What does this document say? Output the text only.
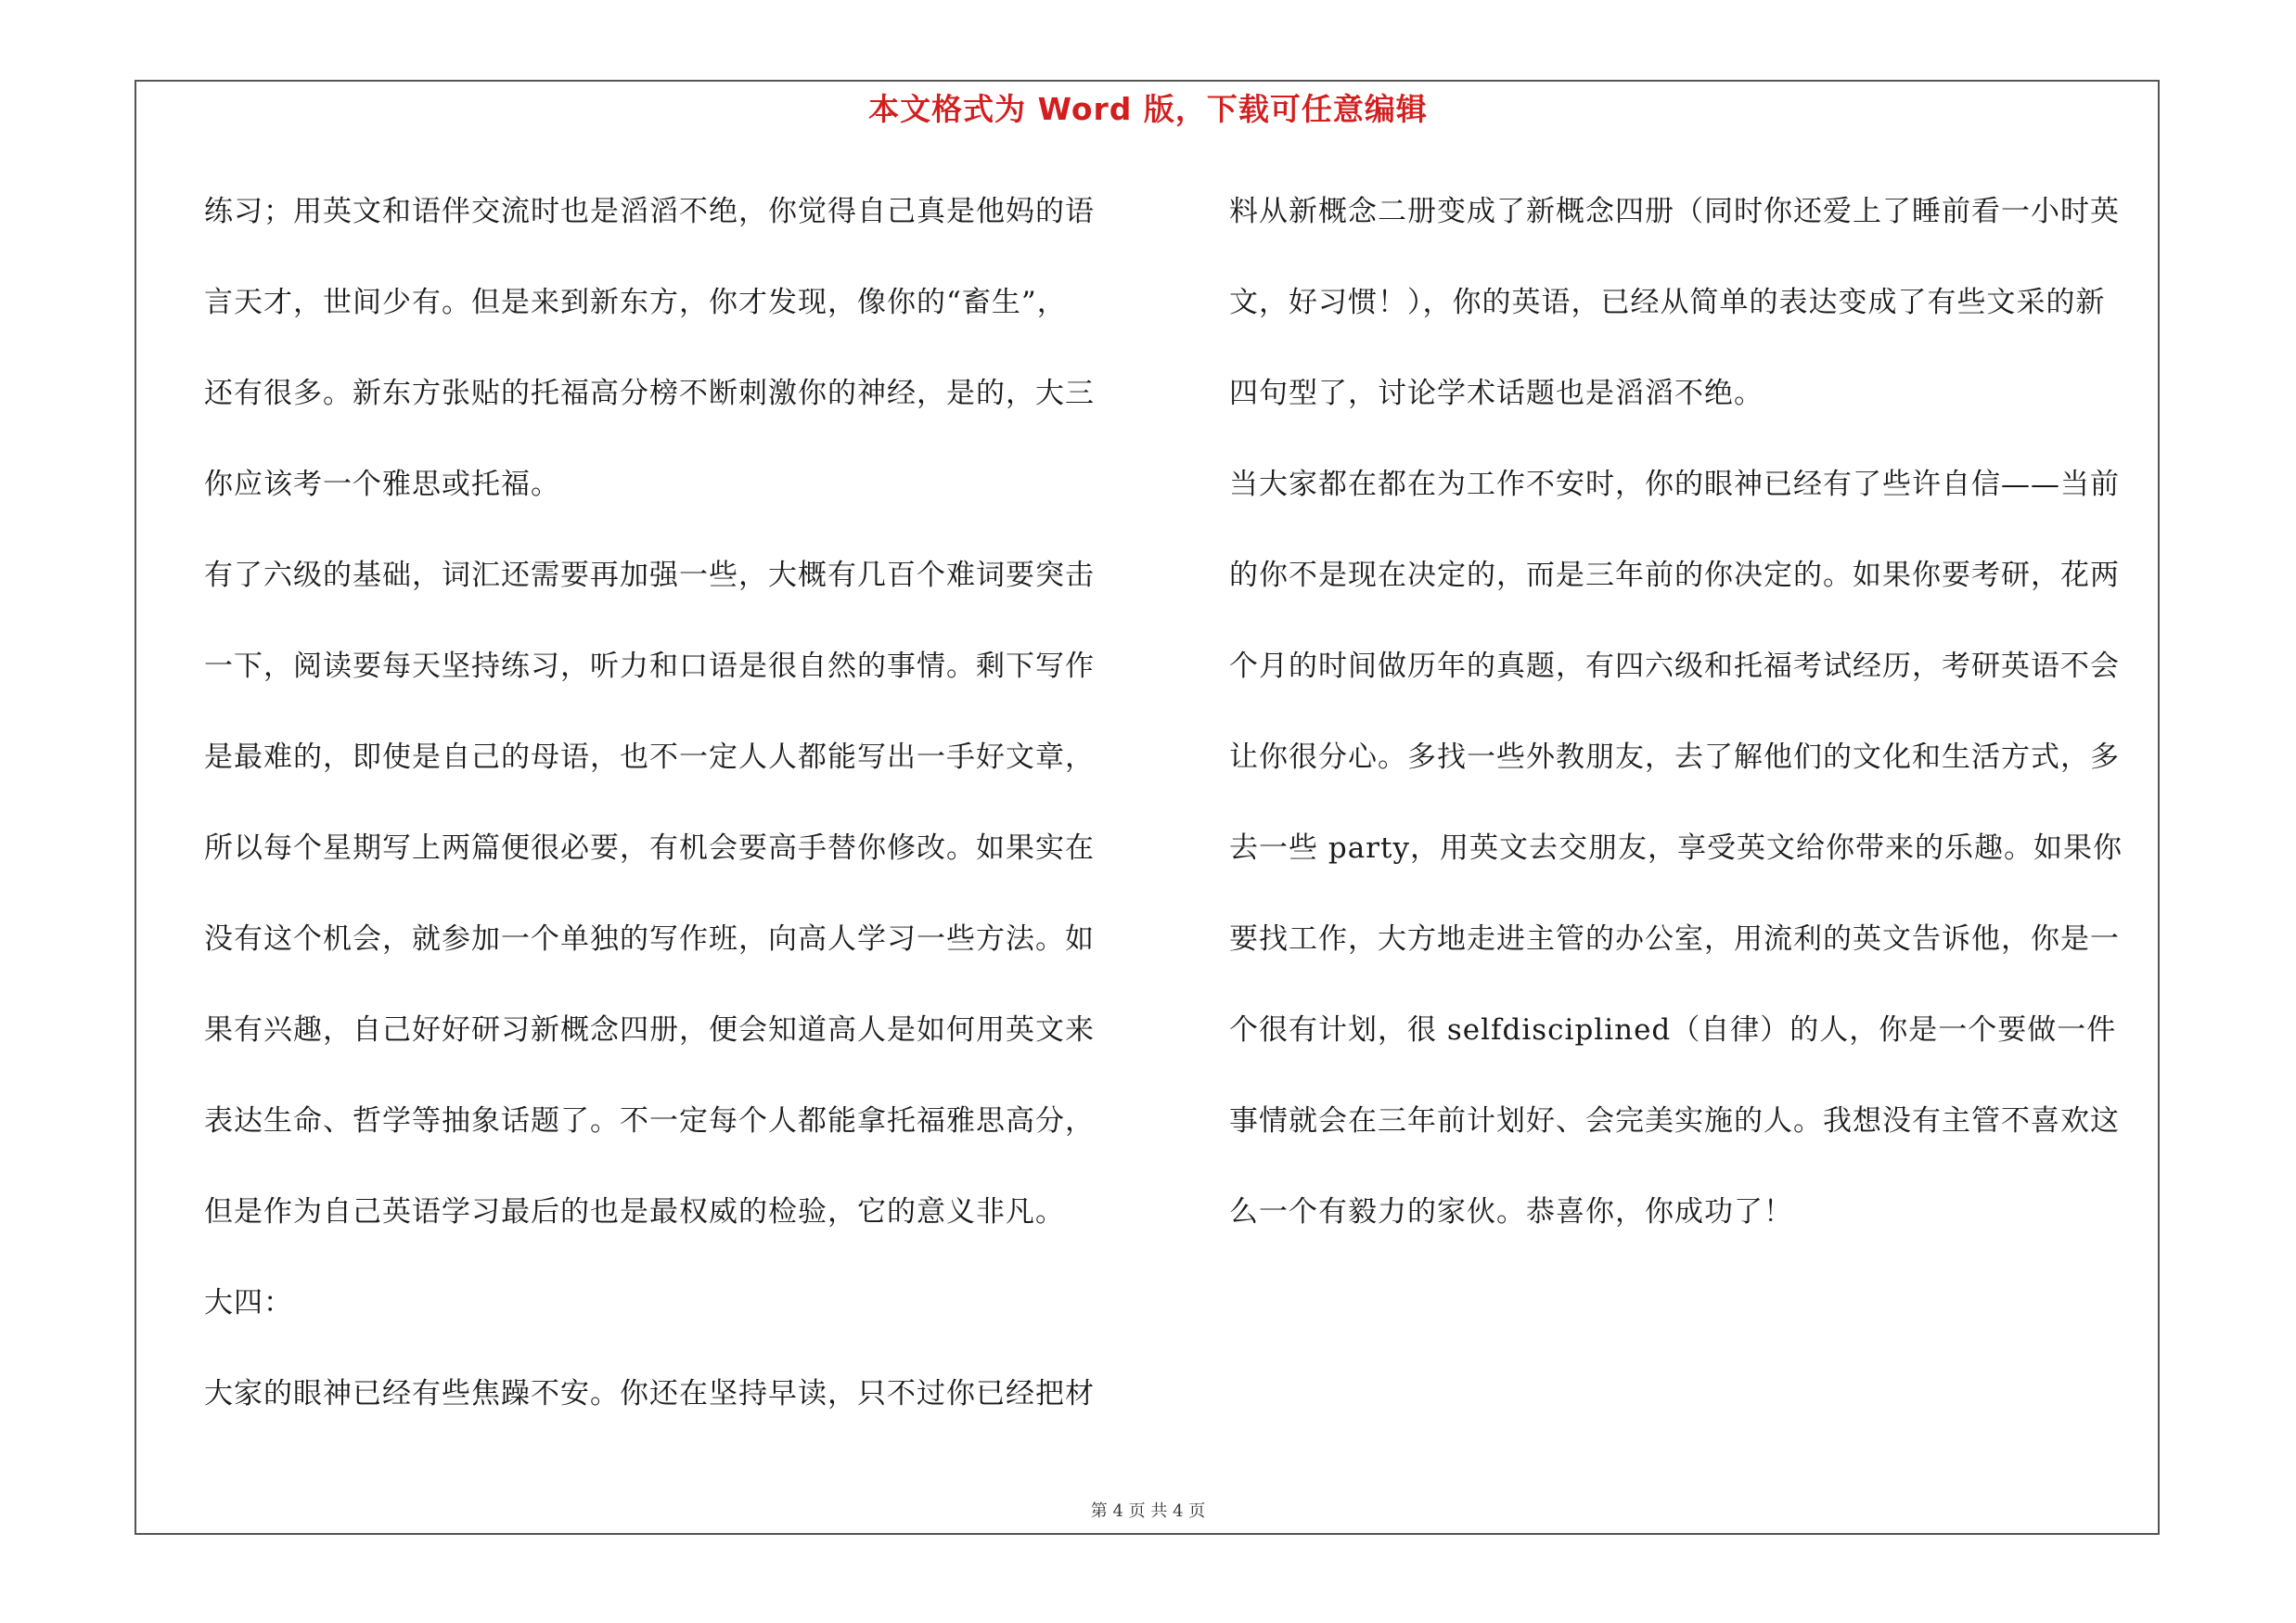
本文格式为 Word 版，下载可任意编辑
练习；用英文和语伴交流时也是滔滔不绝，你觉得自己真是他妈的语
言天才，世间少有。但是来到新东方，你才发现，像你的“畜生”，
还有很多。新东方张贴的托福高分榜不断刺激你的神经，是的，大三
你应该考一个雅思或托福。
有了六级的基础，词汇还需要再加强一些，大概有几百个难词要突击
一下，阅读要每天坚持练习，听力和口语是很自然的事情。剩下写作
是最难的，即使是自己的母语，也不一定人人都能写出一手好文章，
所以每个星期写上两篇便很必要，有机会要高手替你修改。如果实在
没有这个机会，就参加一个单独的写作班，向高人学习一些方法。如
果有兴趣，自己好好研习新概念四册，便会知道高人是如何用英文来
表达生命、哲学等抽象话题了。不一定每个人都能拿托福雅思高分，
但是作为自己英语学习最后的也是最权威的检验，它的意义非凡。
大四：
大家的眼神已经有些焦躁不安。你还在坚持早读，只不过你已经把材
料从新概念二册变成了新概念四册（同时你还爱上了睡前看一小时英
文，好习惯！），你的英语，已经从简单的表达变成了有些文采的新
四句型了，讨论学术话题也是滔滔不绝。
当大家都在都在为工作不安时，你的眼神已经有了些许自信——当前
的你不是现在决定的，而是三年前的你决定的。如果你要考研，花两
个月的时间做历年的真题，有四六级和托福考试经历，考研英语不会
让你很分心。多找一些外教朋友，去了解他们的文化和生活方式，多
去一些 party，用英文去交朋友，享受英文给你带来的乐趣。如果你
要找工作，大方地走进主管的办公室，用流利的英文告诉他，你是一
个很有计划，很 selfdisciplined（自律）的人，你是一个要做一件
事情就会在三年前计划好、会完美实施的人。我想没有主管不喜欢这
么一个有毅力的家伙。恭喜你，你成功了！
第 4 页 共 4 页
